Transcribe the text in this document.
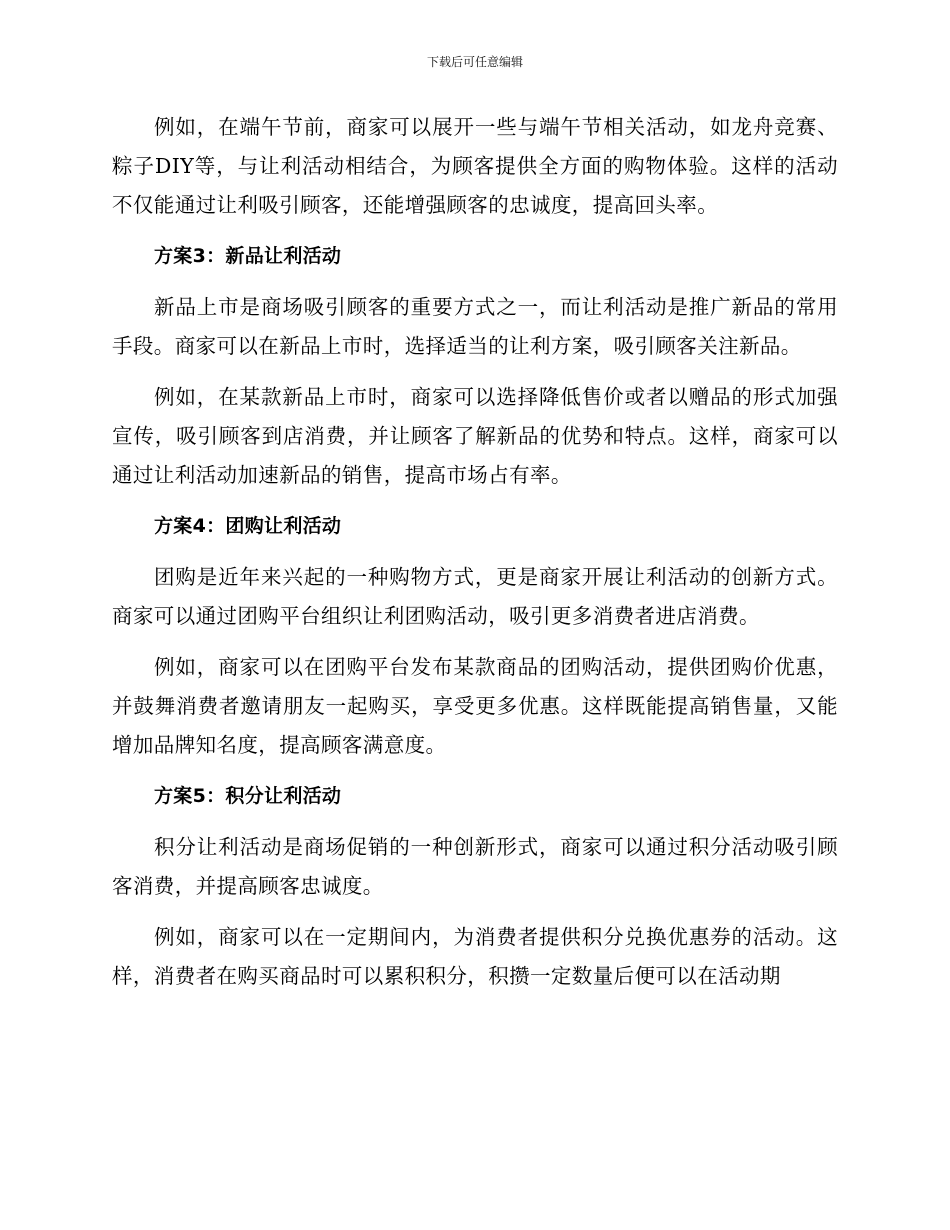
下载后可任意编辑

例如，在端午节前，商家可以展开一些与端午节相关活动，如龙舟竞赛、粽子DIY等，与让利活动相结合，为顾客提供全方面的购物体验。这样的活动不仅能通过让利吸引顾客，还能增强顾客的忠诚度，提高回头率。

方案3：新品让利活动

新品上市是商场吸引顾客的重要方式之一，而让利活动是推广新品的常用手段。商家可以在新品上市时，选择适当的让利方案，吸引顾客关注新品。

例如，在某款新品上市时，商家可以选择降低售价或者以赠品的形式加强宣传，吸引顾客到店消费，并让顾客了解新品的优势和特点。这样，商家可以通过让利活动加速新品的销售，提高市场占有率。

方案4：团购让利活动

团购是近年来兴起的一种购物方式，更是商家开展让利活动的创新方式。商家可以通过团购平台组织让利团购活动，吸引更多消费者进店消费。

例如，商家可以在团购平台发布某款商品的团购活动，提供团购价优惠，并鼓舞消费者邀请朋友一起购买，享受更多优惠。这样既能提高销售量，又能增加品牌知名度，提高顾客满意度。

方案5：积分让利活动

积分让利活动是商场促销的一种创新形式，商家可以通过积分活动吸引顾客消费，并提高顾客忠诚度。

例如，商家可以在一定期间内，为消费者提供积分兑换优惠券的活动。这样，消费者在购买商品时可以累积积分，积攒一定数量后便可以在活动期
